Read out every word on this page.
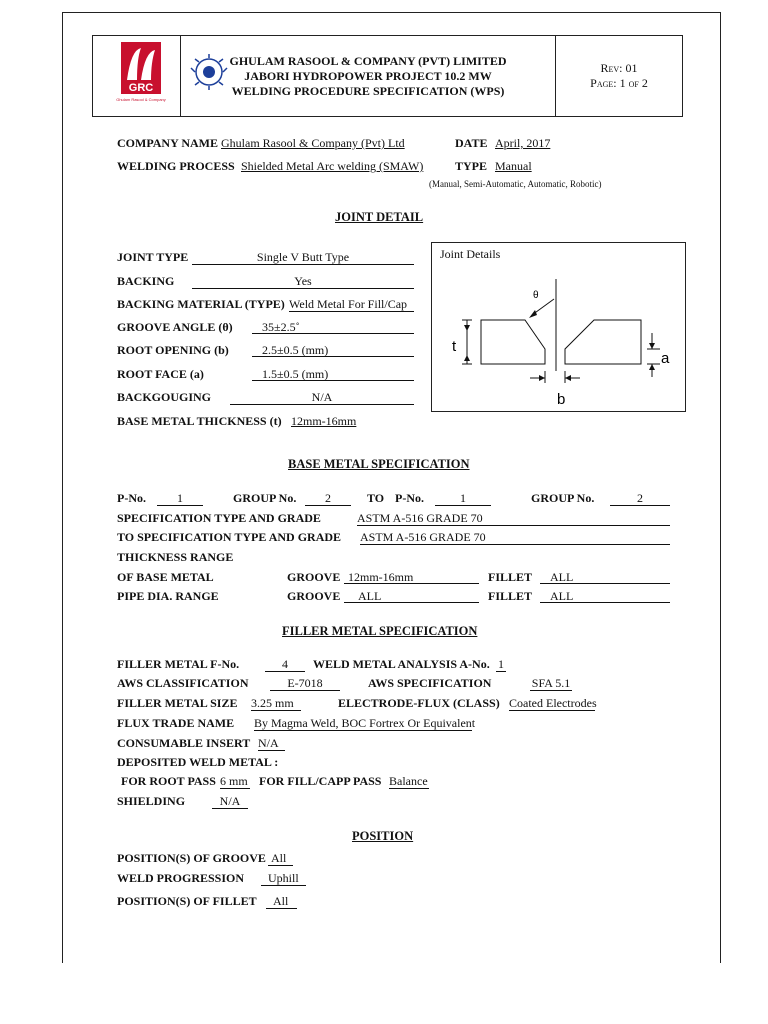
GRC
Ghulam Rasool & Company
GHULAM RASOOL & COMPANY (PVT) LIMITED
JABORI HYDROPOWER PROJECT 10.2 MW
WELDING PROCEDURE SPECIFICATION (WPS)
Rev: 01
Page: 1 of 2
COMPANY NAME Ghulam Rasool & Company (Pvt) Ltd	DATE April, 2017
WELDING PROCESS Shielded Metal Arc welding (SMAW)	TYPE Manual
(Manual, Semi-Automatic, Automatic, Robotic)
JOINT DETAIL
JOINT TYPE	Single V Butt Type
BACKING	Yes
BACKING MATERIAL (TYPE) Weld Metal For Fill/Cap
GROOVE ANGLE (θ)	35±2.5˚
ROOT OPENING (b)	2.5±0.5 (mm)
ROOT FACE (a)	1.5±0.5 (mm)
BACKGOUGING	N/A
BASE METAL THICKNESS (t) 12mm-16mm
Joint Details
θ
t
a
b
BASE METAL SPECIFICATION
P-No.	1	GROUP No.	2	TO P-No.	1	GROUP No.	2
SPECIFICATION TYPE AND GRADE	ASTM A-516 GRADE 70
TO SPECIFICATION TYPE AND GRADE ASTM A-516 GRADE 70
THICKNESS RANGE
OF BASE METAL	GROOVE 12mm-16mm	FILLET	ALL
PIPE DIA. RANGE	GROOVE	ALL	FILLET	ALL
FILLER METAL SPECIFICATION
FILLER METAL F-No.	4	WELD METAL ANALYSIS A-No. 1
AWS CLASSIFICATION	E-7018	AWS SPECIFICATION	SFA 5.1
FILLER METAL SIZE 3.25 mm	ELECTRODE-FLUX (CLASS) Coated Electrodes
FLUX TRADE NAME By Magma Weld, BOC Fortrex Or Equivalent
CONSUMABLE INSERT N/A
DEPOSITED WELD METAL :
FOR ROOT PASS 6 mm FOR FILL/CAPP PASS Balance
SHIELDING	N/A
POSITION
POSITION(S) OF GROOVE All
WELD PROGRESSION	Uphill
POSITION(S) OF FILLET	All
